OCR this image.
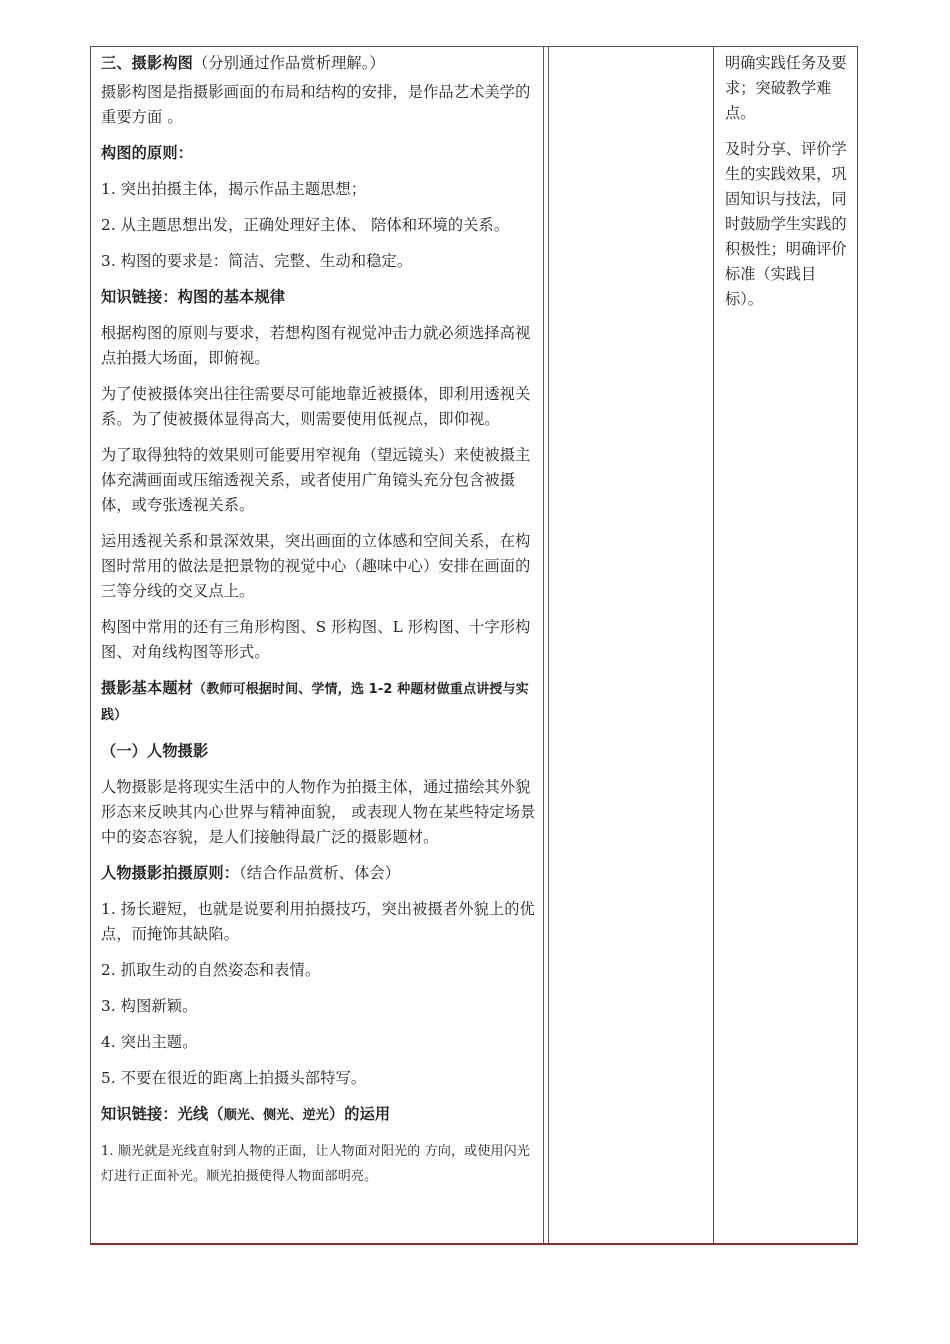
三、摄影构图（分别通过作品赏析理解。）

摄影构图是指摄影画面的布局和结构的安排，是作品艺术美学的重要方面 。

构图的原则：

1. 突出拍摄主体，揭示作品主题思想；

2. 从主题思想出发，正确处理好主体、 陪体和环境的关系。

3. 构图的要求是：简洁、完整、生动和稳定。

知识链接：构图的基本规律

根据构图的原则与要求，若想构图有视觉冲击力就必须选择高视点拍摄大场面，即俯视。

为了使被摄体突出往往需要尽可能地靠近被摄体，即利用透视关系。为了使被摄体显得高大，则需要使用低视点，即仰视。

为了取得独特的效果则可能要用窄视角（望远镜头）来使被摄主体充满画面或压缩透视关系，或者使用广角镜头充分包含被摄体，或夸张透视关系。

运用透视关系和景深效果，突出画面的立体感和空间关系，在构图时常用的做法是把景物的视觉中心（趣味中心）安排在画面的三等分线的交叉点上。

构图中常用的还有三角形构图、S 形构图、L 形构图、十字形构图、对角线构图等形式。

摄影基本题材（教师可根据时间、学情，选 1-2 种题材做重点讲授与实践）

（一）人物摄影

人物摄影是将现实生活中的人物作为拍摄主体，通过描绘其外貌形态来反映其内心世界与精神面貌， 或表现人物在某些特定场景中的姿态容貌，是人们接触得最广泛的摄影题材。

人物摄影拍摄原则：（结合作品赏析、体会）

1. 扬长避短，也就是说要利用拍摄技巧，突出被摄者外貌上的优点，而掩饰其缺陷。

2. 抓取生动的自然姿态和表情。

3. 构图新颖。

4. 突出主题。

5. 不要在很近的距离上拍摄头部特写。

知识链接：光线（顺光、侧光、逆光）的运用

1. 顺光就是光线直射到人物的正面，让人物面对阳光的 方向，或使用闪光灯进行正面补光。顺光拍摄使得人物面部明亮。

明确实践任务及要求；突破教学难点。

及时分享、评价学生的实践效果，巩固知识与技法，同时鼓励学生实践的积极性；明确评价标准（实践目标）。
